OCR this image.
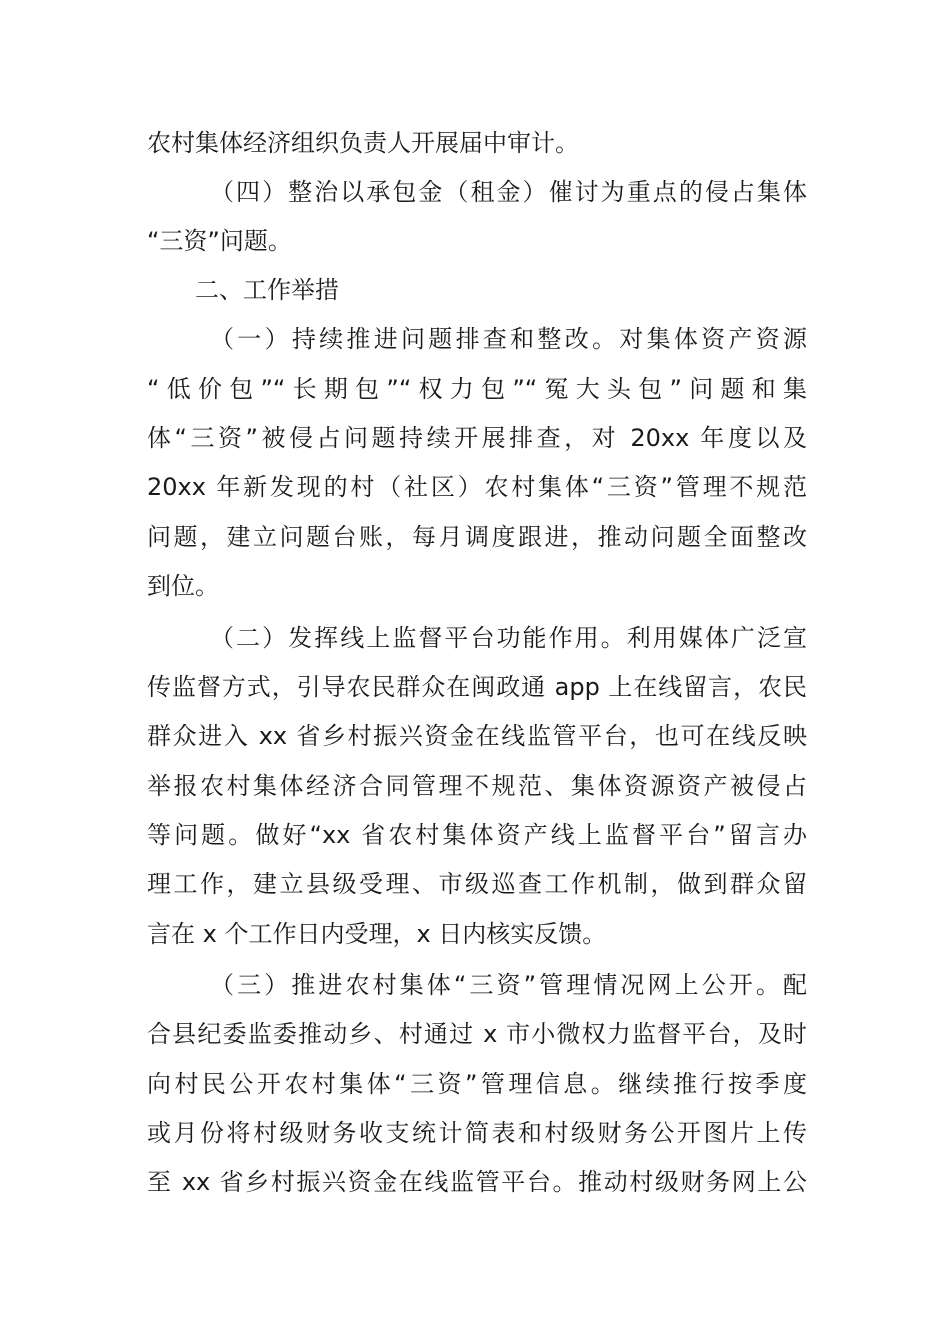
农村集体经济组织负责人开展届中审计。
（四）整治以承包金（租金）催讨为重点的侵占集体
“三资”问题。
二、工作举措
（一）持续推进问题排查和整改。对集体资产资源
“低价包”“长期包”“权力包”“冤大头包”问题和集
体“三资”被侵占问题持续开展排查，对 20xx 年度以及
20xx 年新发现的村（社区）农村集体“三资”管理不规范
问题，建立问题台账，每月调度跟进，推动问题全面整改
到位。
（二）发挥线上监督平台功能作用。利用媒体广泛宣
传监督方式，引导农民群众在闽政通 app 上在线留言，农民
群众进入 xx 省乡村振兴资金在线监管平台，也可在线反映
举报农村集体经济合同管理不规范、集体资源资产被侵占
等问题。做好“xx 省农村集体资产线上监督平台”留言办
理工作，建立县级受理、市级巡查工作机制，做到群众留
言在 x 个工作日内受理，x 日内核实反馈。
（三）推进农村集体“三资”管理情况网上公开。配
合县纪委监委推动乡、村通过 x 市小微权力监督平台，及时
向村民公开农村集体“三资”管理信息。继续推行按季度
或月份将村级财务收支统计简表和村级财务公开图片上传
至 xx 省乡村振兴资金在线监管平台。推动村级财务网上公
